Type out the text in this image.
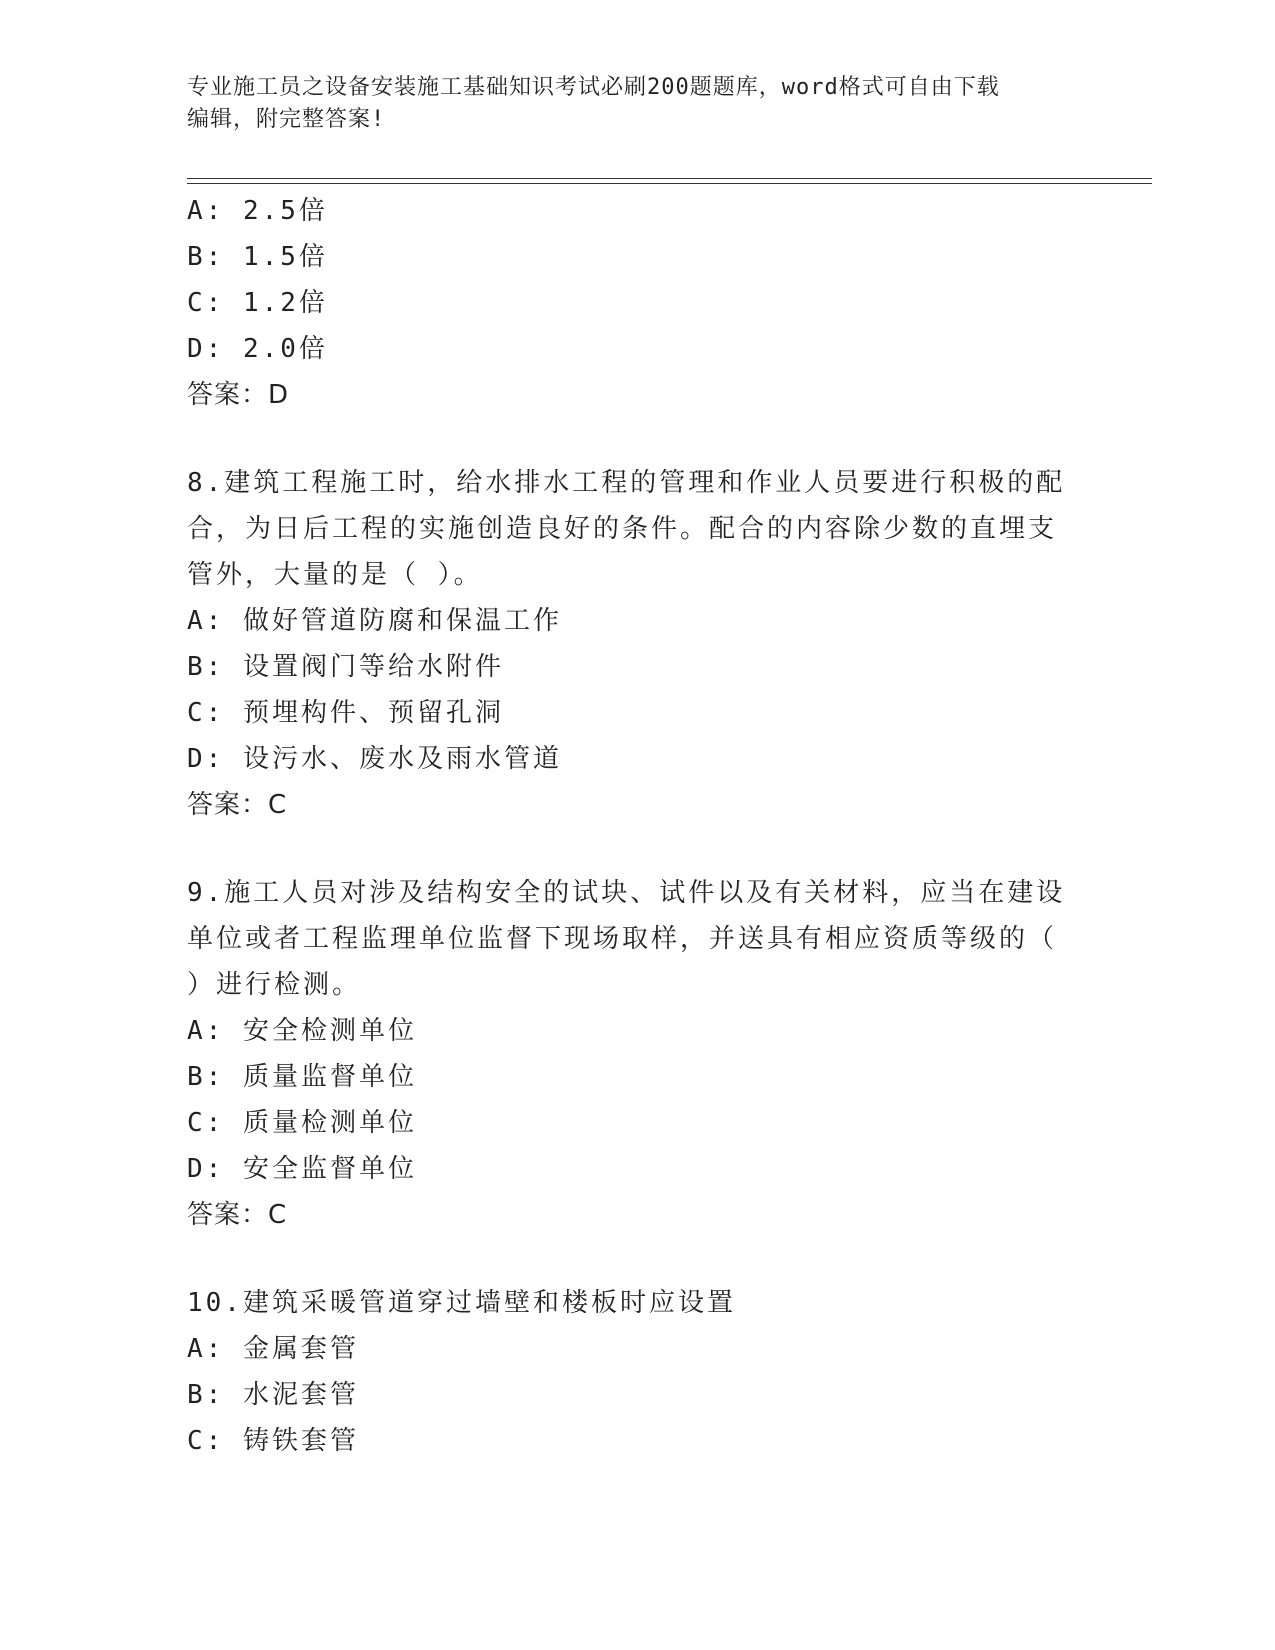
专业施工员之设备安装施工基础知识考试必刷200题题库，word格式可自由下载
编辑，附完整答案!
A: 2.5倍
B: 1.5倍
C: 1.2倍
D: 2.0倍
答案：D
8.建筑工程施工时，给水排水工程的管理和作业人员要进行积极的配
合，为日后工程的实施创造良好的条件。配合的内容除少数的直埋支
管外，大量的是（ ）。
A: 做好管道防腐和保温工作
B: 设置阀门等给水附件
C: 预埋构件、预留孔洞
D: 设污水、废水及雨水管道
答案：C
9.施工人员对涉及结构安全的试块、试件以及有关材料，应当在建设
单位或者工程监理单位监督下现场取样，并送具有相应资质等级的（
）进行检测。
A: 安全检测单位
B: 质量监督单位
C: 质量检测单位
D: 安全监督单位
答案：C
10.建筑采暖管道穿过墙壁和楼板时应设置
A: 金属套管
B: 水泥套管
C: 铸铁套管
